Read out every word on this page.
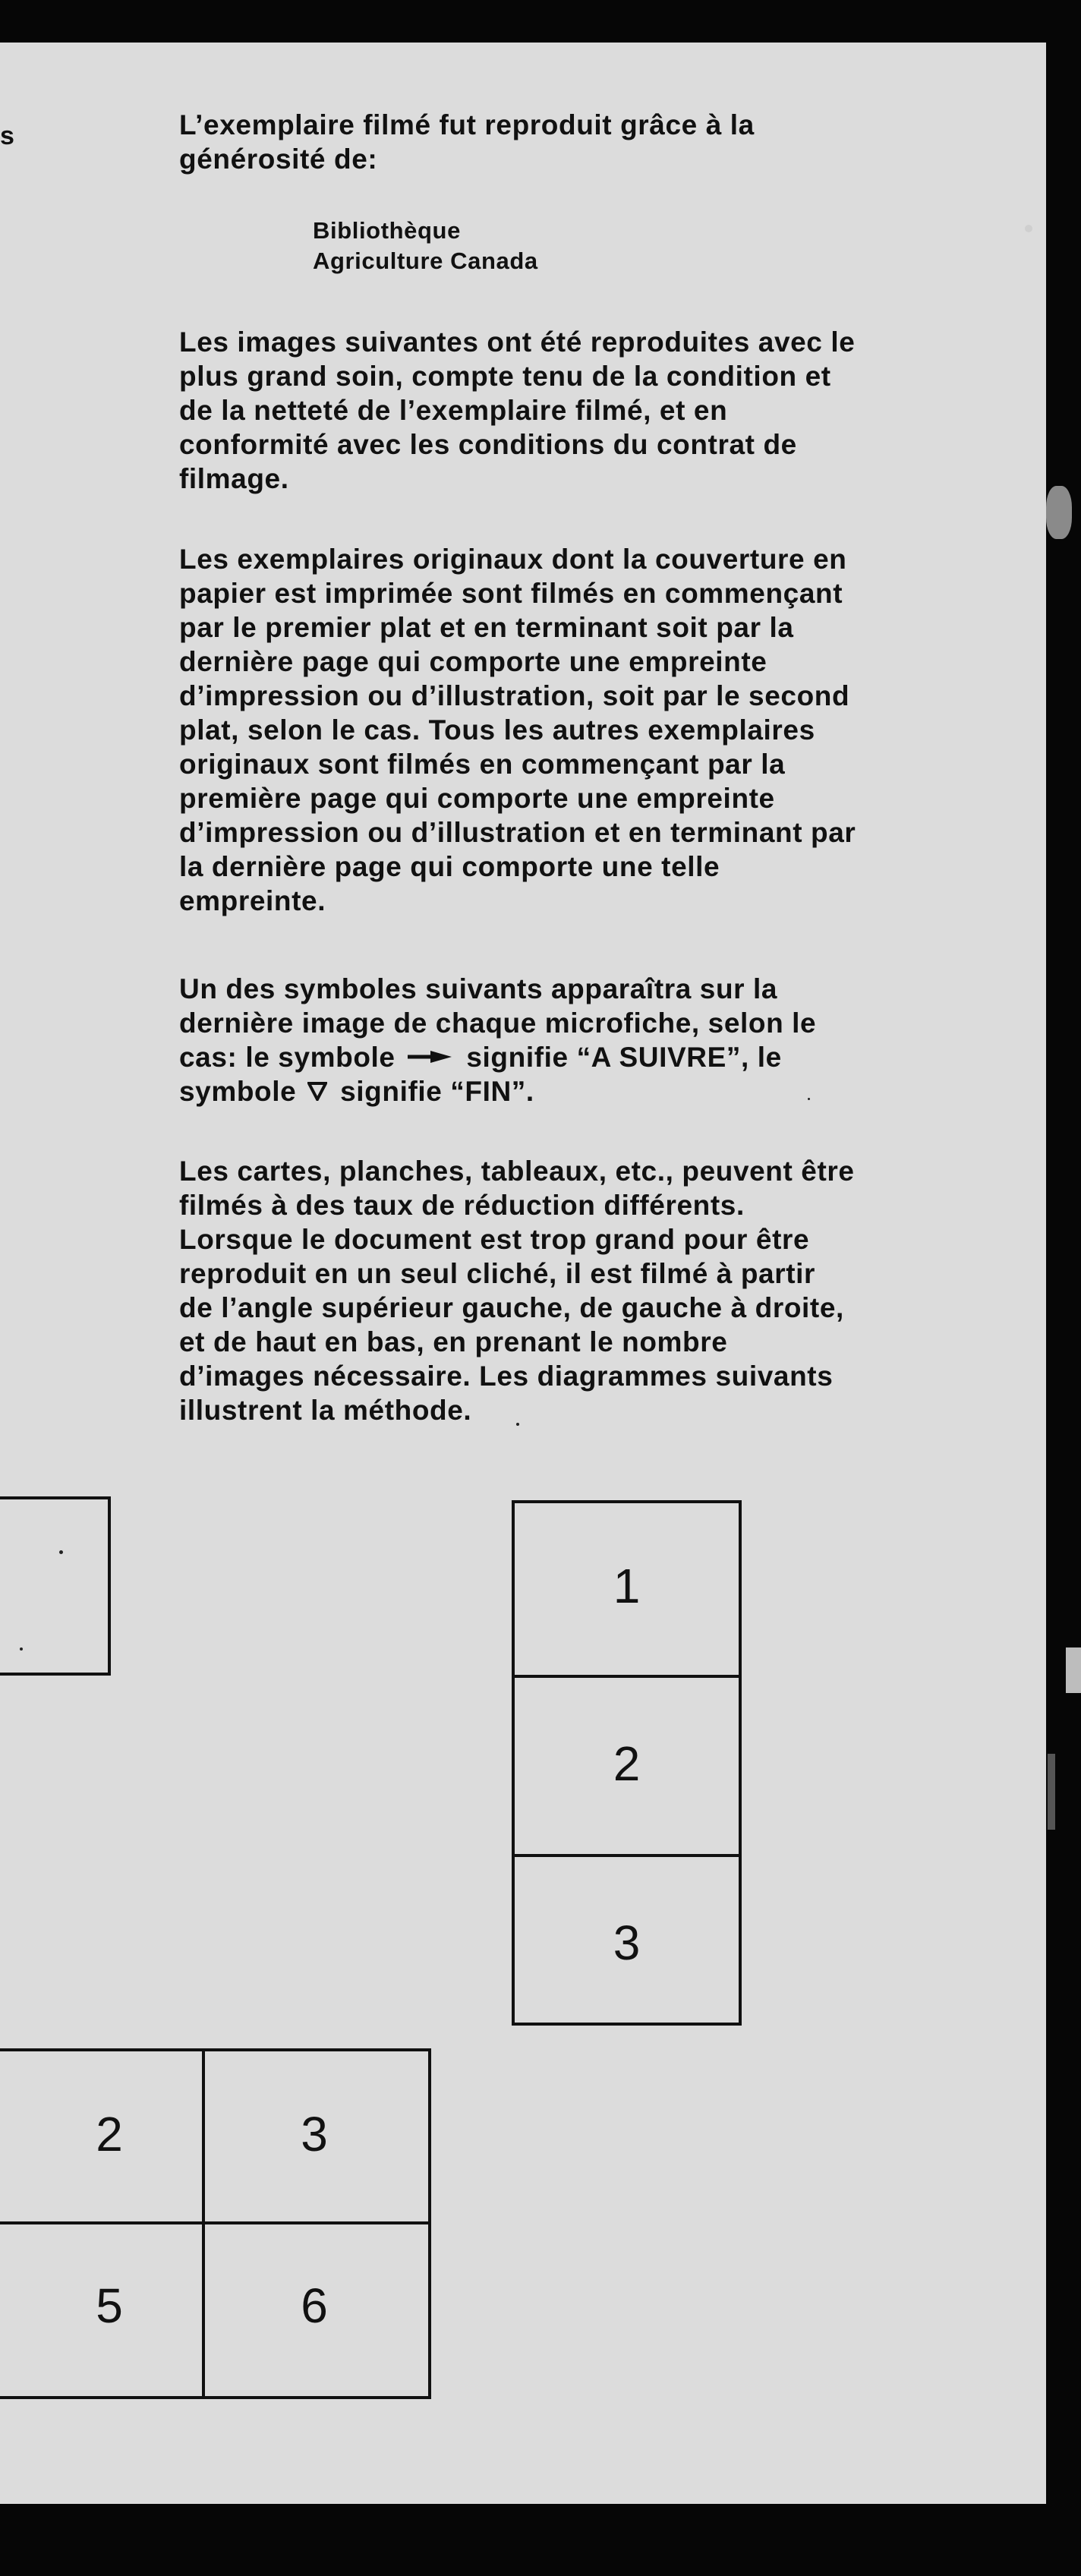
s	L’exemplaire filmé fut reproduit grâce à la
générosité de:

Bibliothèque
Agriculture Canada

Les images suivantes ont été reproduites avec le
plus grand soin, compte tenu de la condition et
de la netteté de l’exemplaire filmé, et en
conformité avec les conditions du contrat de
filmage.

Les exemplaires originaux dont la couverture en
papier est imprimée sont filmés en commençant
par le premier plat et en terminant soit par la
dernière page qui comporte une empreinte
d’impression ou d’illustration, soit par le second
plat, selon le cas. Tous les autres exemplaires
originaux sont filmés en commençant par la
première page qui comporte une empreinte
d’impression ou d’illustration et en terminant par
la dernière page qui comporte une telle
empreinte.

Un des symboles suivants apparaîtra sur la
dernière image de chaque microfiche, selon le
cas: le symbole	signifie “A SUIVRE”, le
symbole signifie “FIN”.

Les cartes, planches, tableaux, etc., peuvent être
filmés à des taux de réduction différents.
Lorsque le document est trop grand pour être
reproduit en un seul cliché, il est filmé à partir
de l’angle supérieur gauche, de gauche à droite,
et de haut en bas, en prenant le nombre
d’images nécessaire. Les diagrammes suivants
illustrent la méthode.

1
2
3
2	3
5	6
